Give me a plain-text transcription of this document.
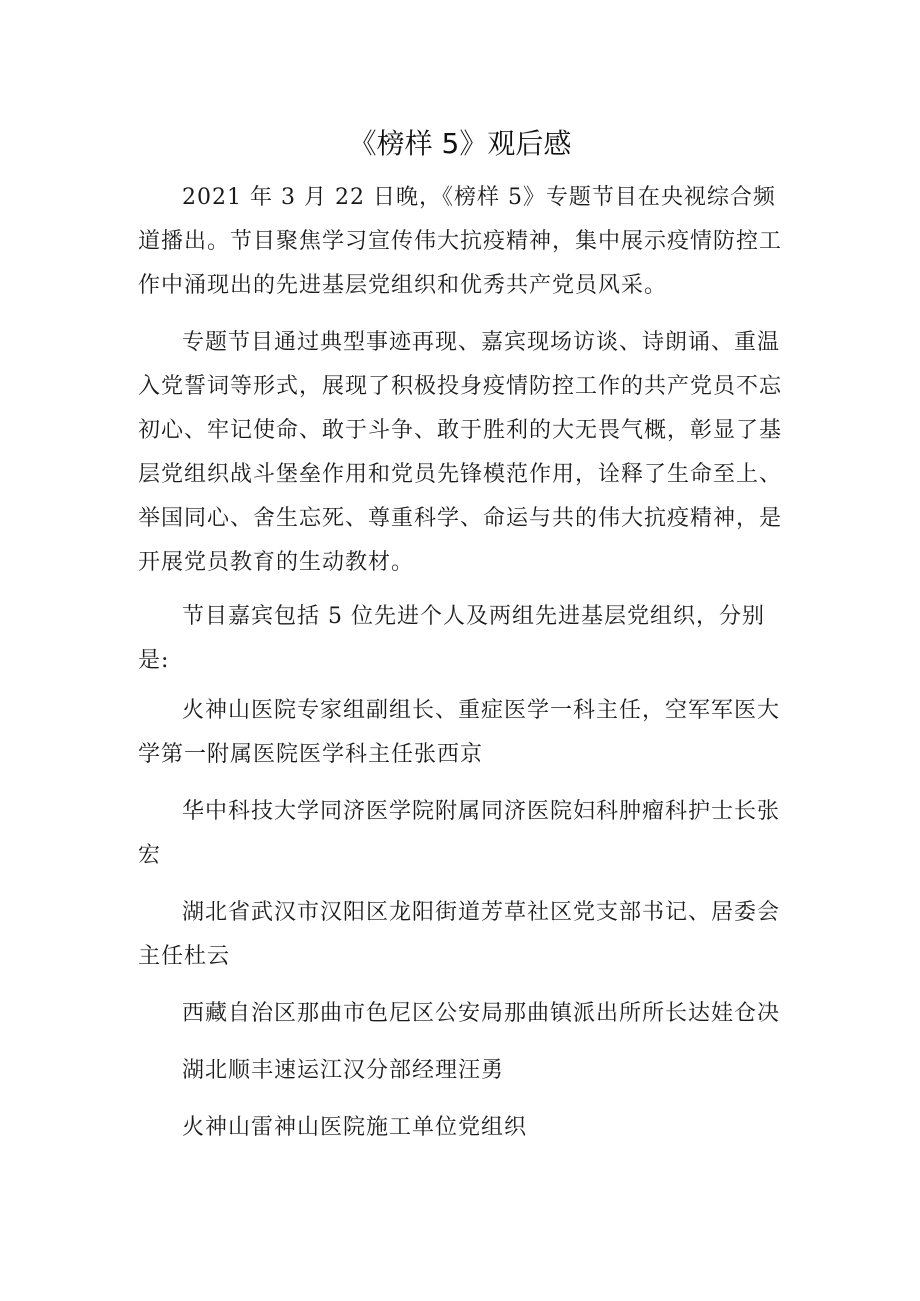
《榜样 5》观后感

2021 年 3 月 22 日晚，《榜样 5》专题节目在央视综合频道播出。节目聚焦学习宣传伟大抗疫精神，集中展示疫情防控工作中涌现出的先进基层党组织和优秀共产党员风采。

专题节目通过典型事迹再现、嘉宾现场访谈、诗朗诵、重温入党誓词等形式，展现了积极投身疫情防控工作的共产党员不忘初心、牢记使命、敢于斗争、敢于胜利的大无畏气概，彰显了基层党组织战斗堡垒作用和党员先锋模范作用，诠释了生命至上、举国同心、舍生忘死、尊重科学、命运与共的伟大抗疫精神，是开展党员教育的生动教材。

节目嘉宾包括 5 位先进个人及两组先进基层党组织，分别是:

火神山医院专家组副组长、重症医学一科主任，空军军医大学第一附属医院医学科主任张西京

华中科技大学同济医学院附属同济医院妇科肿瘤科护士长张宏

湖北省武汉市汉阳区龙阳街道芳草社区党支部书记、居委会主任杜云

西藏自治区那曲市色尼区公安局那曲镇派出所所长达娃仓决

湖北顺丰速运江汉分部经理汪勇

火神山雷神山医院施工单位党组织
